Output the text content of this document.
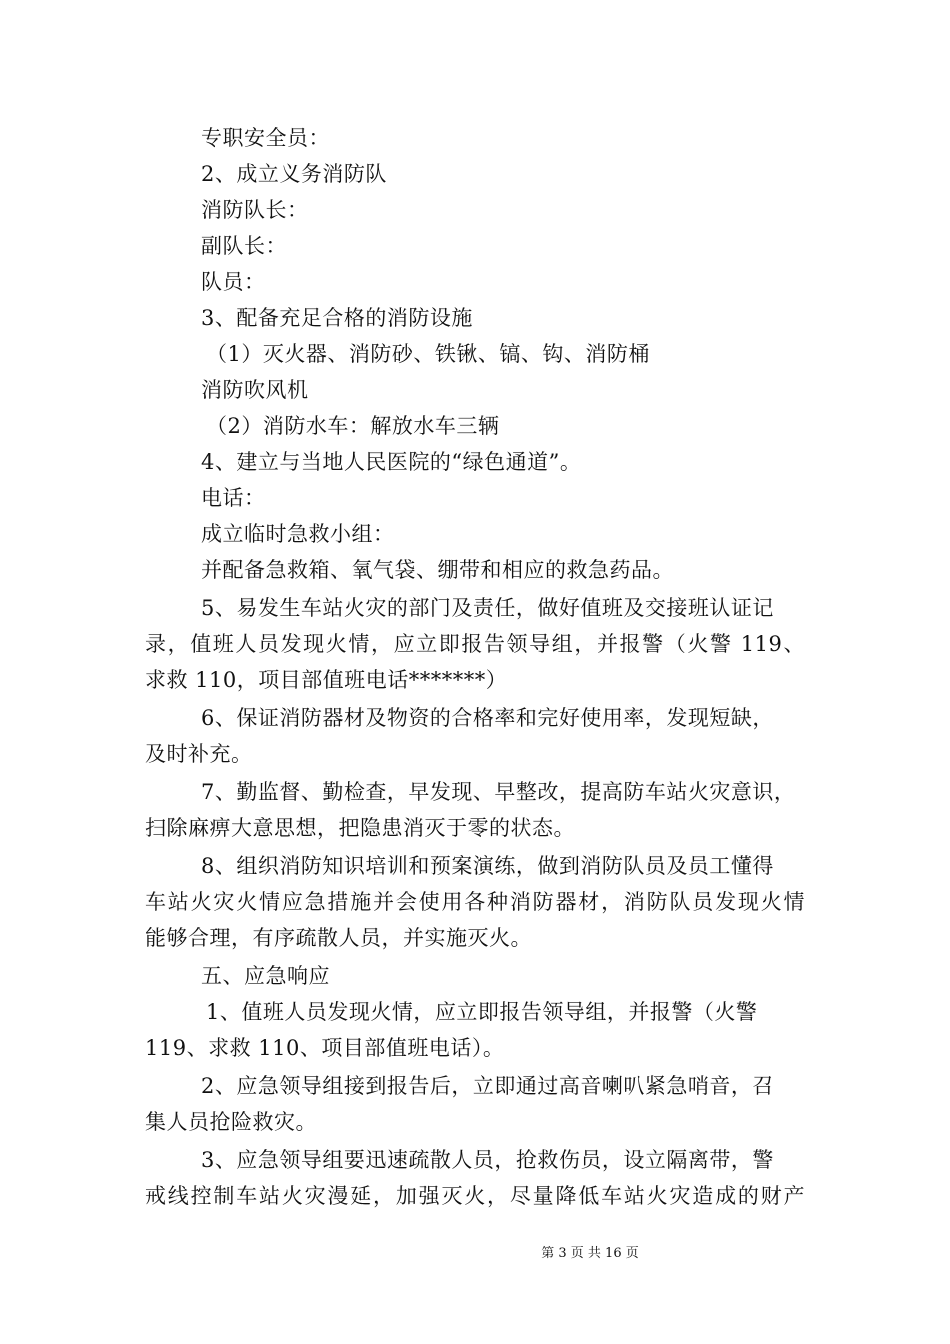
专职安全员：
2、成立义务消防队
消防队长：
副队长：
队员：
3、配备充足合格的消防设施
（1）灭火器、消防砂、铁锹、镐、钩、消防桶
消防吹风机
（2）消防水车：解放水车三辆
4、建立与当地人民医院的“绿色通道”。
电话：
成立临时急救小组：
并配备急救箱、氧气袋、绷带和相应的救急药品。
5、易发生车站火灾的部门及责任，做好值班及交接班认证记
录，值班人员发现火情，应立即报告领导组，并报警（火警 119、
求救 110，项目部值班电话*******）
6、保证消防器材及物资的合格率和完好使用率，发现短缺，
及时补充。
7、勤监督、勤检查，早发现、早整改，提高防车站火灾意识，
扫除麻痹大意思想，把隐患消灭于零的状态。
8、组织消防知识培训和预案演练，做到消防队员及员工懂得
车站火灾火情应急措施并会使用各种消防器材，消防队员发现火情
能够合理，有序疏散人员，并实施灭火。
五、应急响应
1、值班人员发现火情，应立即报告领导组，并报警（火警
119、求救 110、项目部值班电话）。
2、应急领导组接到报告后，立即通过高音喇叭紧急哨音，召
集人员抢险救灾。
3、应急领导组要迅速疏散人员，抢救伤员，设立隔离带，警
戒线控制车站火灾漫延，加强灭火，尽量降低车站火灾造成的财产
第 3 页 共 16 页
